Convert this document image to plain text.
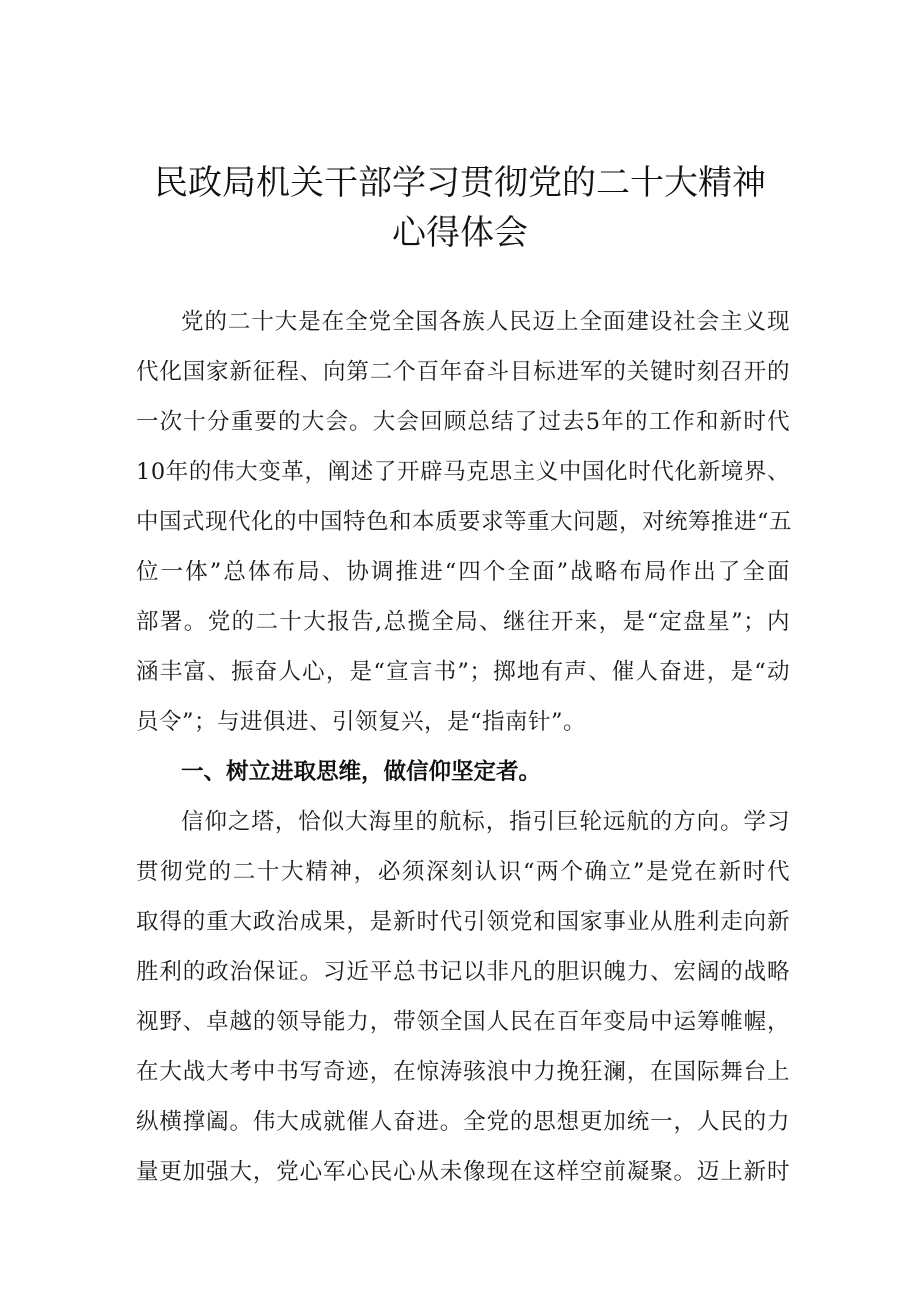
民政局机关干部学习贯彻党的二十大精神
心得体会
党的二十大是在全党全国各族人民迈上全面建设社会主义现
代化国家新征程、向第二个百年奋斗目标进军的关键时刻召开的
一次十分重要的大会。大会回顾总结了过去5年的工作和新时代
10年的伟大变革，阐述了开辟马克思主义中国化时代化新境界、
中国式现代化的中国特色和本质要求等重大问题，对统筹推进“五
位一体”总体布局、协调推进“四个全面”战略布局作出了全面
部署。党的二十大报告,总揽全局、继往开来，是“定盘星”；内
涵丰富、振奋人心，是“宣言书”；掷地有声、催人奋进，是“动
员令”；与进俱进、引领复兴，是“指南针”。
一、树立进取思维，做信仰坚定者。
信仰之塔，恰似大海里的航标，指引巨轮远航的方向。学习
贯彻党的二十大精神，必须深刻认识“两个确立”是党在新时代
取得的重大政治成果，是新时代引领党和国家事业从胜利走向新
胜利的政治保证。习近平总书记以非凡的胆识魄力、宏阔的战略
视野、卓越的领导能力，带领全国人民在百年变局中运筹帷幄，
在大战大考中书写奇迹，在惊涛骇浪中力挽狂澜，在国际舞台上
纵横撑阖。伟大成就催人奋进。全党的思想更加统一，人民的力
量更加强大，党心军心民心从未像现在这样空前凝聚。迈上新时
